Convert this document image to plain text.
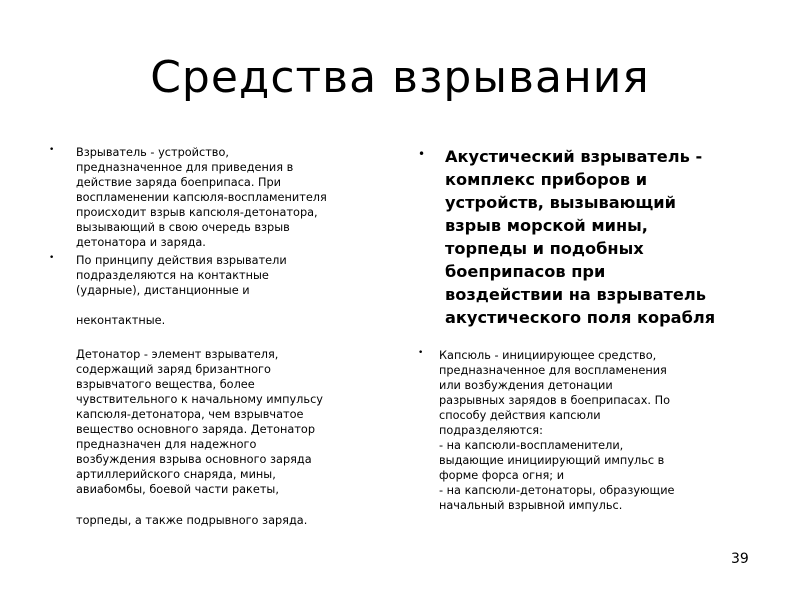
Средства взрывания
• Взрыватель - устройство,
предназначенное для приведения в
действие заряда боеприпаса. При
воспламенении капсюля-воспламенителя
происходит взрыв капсюля-детонатора,
вызывающий в свою очередь взрыв
детонатора и заряда.

• По принципу действия взрыватели
подразделяются на контактные
(ударные), дистанционные и

неконтактные.

Детонатор - элемент взрывателя,
содержащий заряд бризантного
взрывчатого вещества, более
чувствительного к начальному импульсу
капсюля-детонатора, чем взрывчатое
вещество основного заряда. Детонатор
предназначен для надежного
возбуждения взрыва основного заряда
артиллерийского снаряда, мины,
авиабомбы, боевой части ракеты,

торпеды, а также подрывного заряда.

• Акустический взрыватель -
комплекс приборов и
устройств, вызывающий
взрыв морской мины,
торпеды и подобных
боеприпасов при
воздействии на взрыватель
акустического поля корабля

• Капсюль - инициирующее средство,
предназначенное для воспламенения
или возбуждения детонации
разрывных зарядов в боеприпасах. По
способу действия капсюли
подразделяются:
- на капсюли-воспламенители,
выдающие инициирующий импульс в
форме форса огня; и
- на капсюли-детонаторы, образующие
начальный взрывной импульс.

39
